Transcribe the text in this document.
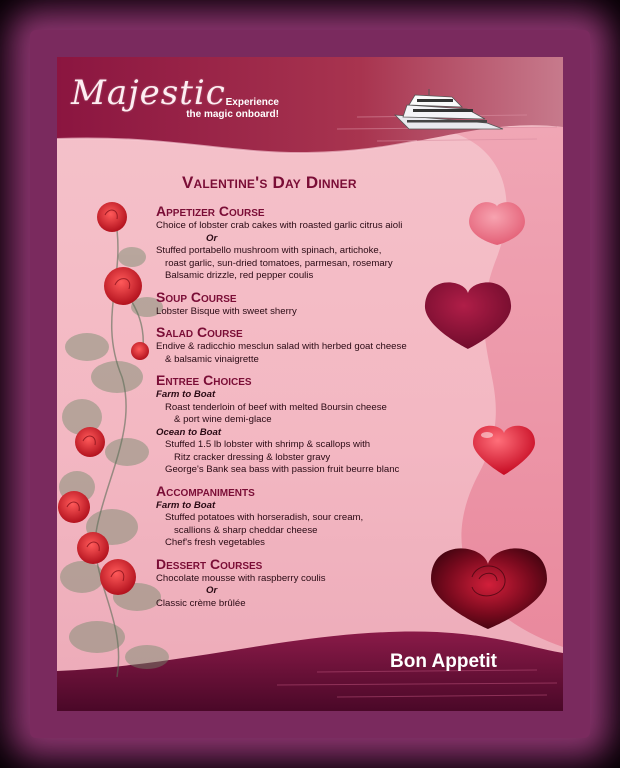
Majestic Experience
the magic onboard!
Valentine's Day Dinner
Appetizer Course
Choice of lobster crab cakes with roasted garlic citrus aioli
Or
Stuffed portabello mushroom with spinach, artichoke,
roast garlic, sun-dried tomatoes, parmesan, rosemary
Balsamic drizzle, red pepper coulis
Soup Course
Lobster Bisque with sweet sherry
Salad Course
Endive & radicchio mesclun salad with herbed goat cheese
& balsamic vinaigrette
Entree Choices
Farm to Boat
Roast tenderloin of beef with melted Boursin cheese
& port wine demi-glace
Ocean to Boat
Stuffed 1.5 lb lobster with shrimp & scallops with
Ritz cracker dressing & lobster gravy
George's Bank sea bass with passion fruit beurre blanc
Accompaniments
Farm to Boat
Stuffed potatoes with horseradish, sour cream,
scallions & sharp cheddar cheese
Chef's fresh vegetables
Dessert Courses
Chocolate mousse with raspberry coulis
Or
Classic crème brûlée
Bon Appetit
